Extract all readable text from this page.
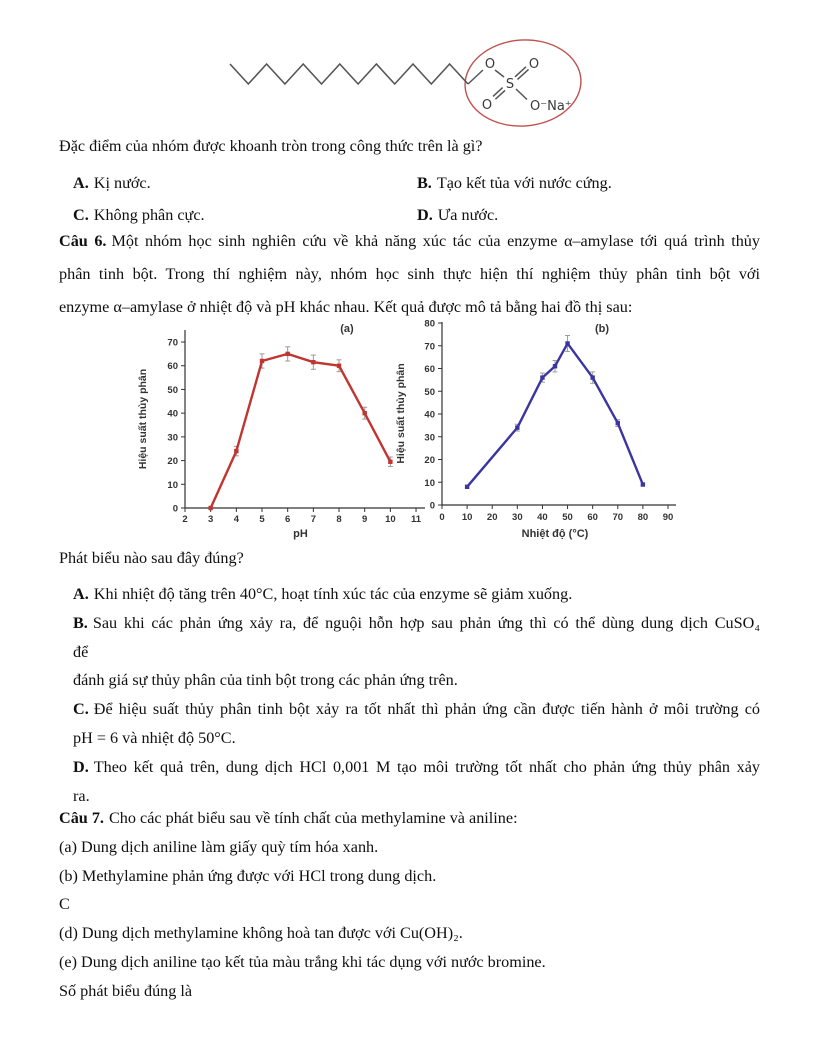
O
S
O
O	O⁻Na⁺
Đặc điểm của nhóm được khoanh tròn trong công thức trên là gì?
A. Kị nước.	B. Tạo kết tủa với nước cứng.
C. Không phân cực.	D. Ưa nước.
Câu 6. Một nhóm học sinh nghiên cứu về khả năng xúc tác của enzyme α–amylase tới quá trình thủy
phân tinh bột. Trong thí nghiệm này, nhóm học sinh thực hiện thí nghiệm thủy phân tinh bột với
enzyme α–amylase ở nhiệt độ và pH khác nhau. Kết quả được mô tả bằng hai đồ thị sau:
2 3 4 5 6 7 8 9 10 11
0
10
20
30
40
50
60
70
(a)
pH
Hiệu suất thủy phân
0 10 20 30 40 50 60 70 80 90
0
10
20
30
40
50
60
70
80	(b)
Nhiệt độ (°C)
Hiệu suất thủy phân
Phát biểu nào sau đây đúng?
A. Khi nhiệt độ tăng trên 40°C, hoạt tính xúc tác của enzyme sẽ giảm xuống.
B. Sau khi các phản ứng xảy ra, để nguội hỗn hợp sau phản ứng thì có thể dùng dung dịch CuSO₄
để
đánh giá sự thủy phân của tinh bột trong các phản ứng trên.
C. Để hiệu suất thủy phân tinh bột xảy ra tốt nhất thì phản ứng cần được tiến hành ở môi trường có
pH = 6 và nhiệt độ 50°C.
D. Theo kết quả trên, dung dịch HCl 0,001 M tạo môi trường tốt nhất cho phản ứng thủy phân xảy
ra.
Câu 7. Cho các phát biểu sau về tính chất của methylamine và aniline:
(a) Dung dịch aniline làm giấy quỳ tím hóa xanh.
(b) Methylamine phản ứng được với HCl trong dung dịch.
C
(d) Dung dịch methylamine không hoà tan được với Cu(OH)₂.
(e) Dung dịch aniline tạo kết tủa màu trắng khi tác dụng với nước bromine.
Số phát biểu đúng là
